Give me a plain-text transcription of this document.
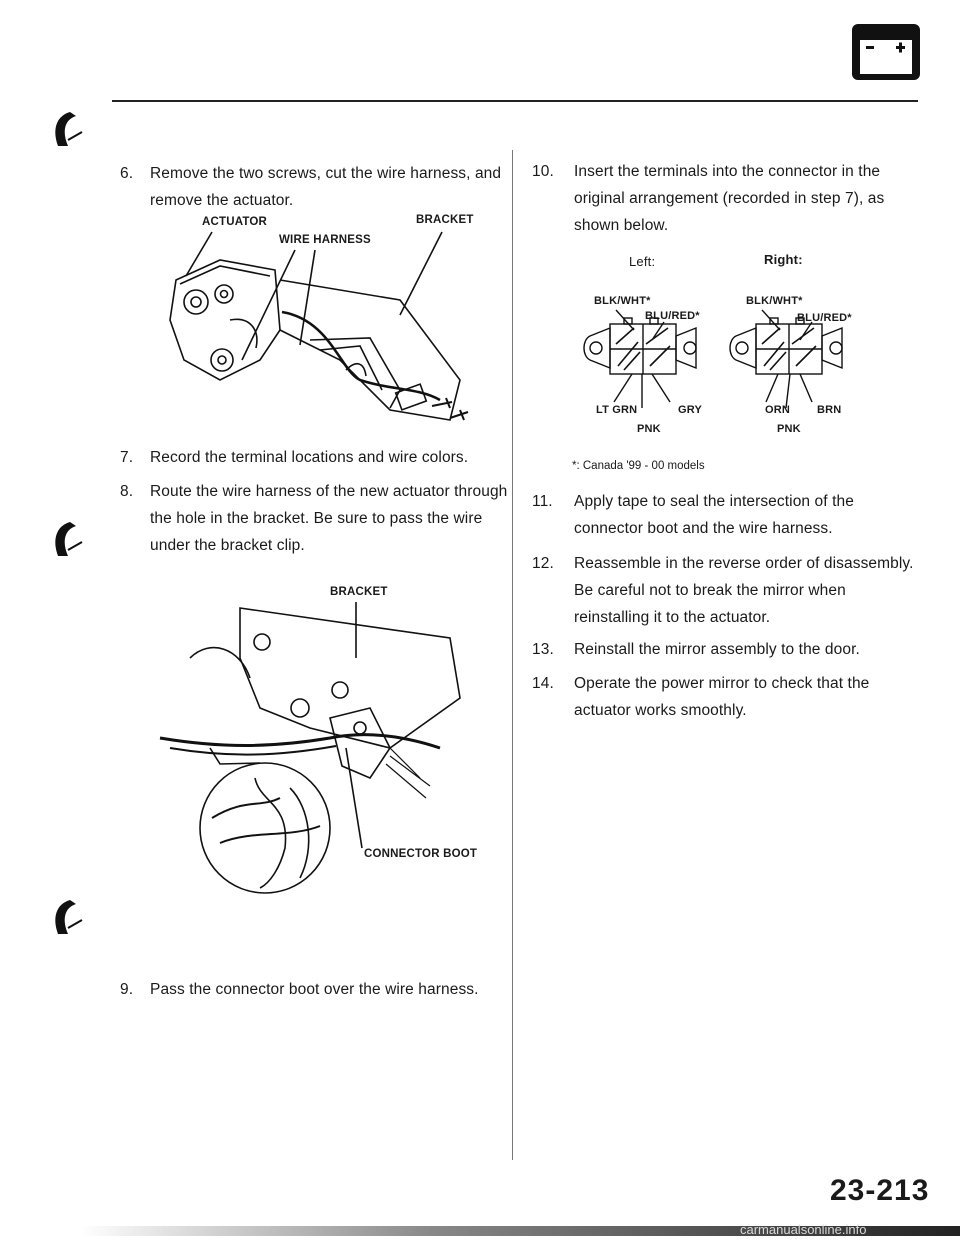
6. Remove the two screws, cut the wire harness, and remove the actuator.
ACTUATOR	BRACKET
WIRE HARNESS
7. Record the terminal locations and wire colors.
8. Route the wire harness of the new actuator through the hole in the bracket. Be sure to pass the wire under the bracket clip.
BRACKET
CONNECTOR BOOT
9. Pass the connector boot over the wire harness.
10. Insert the terminals into the connector in the original arrangement (recorded in step 7), as shown below.
Left:	Right:
BLK/WHT*
BLU/RED*
BLK/WHT*
BLU/RED*
LT GRN	GRY
PNK
ORN BRN
PNK
*: Canada '99 - 00 models
11. Apply tape to seal the intersection of the connector boot and the wire harness.
12. Reassemble in the reverse order of disassembly. Be careful not to break the mirror when reinstalling it to the actuator.
13. Reinstall the mirror assembly to the door.
14. Operate the power mirror to check that the actuator works smoothly.
23-213
carmanualsonline.info
